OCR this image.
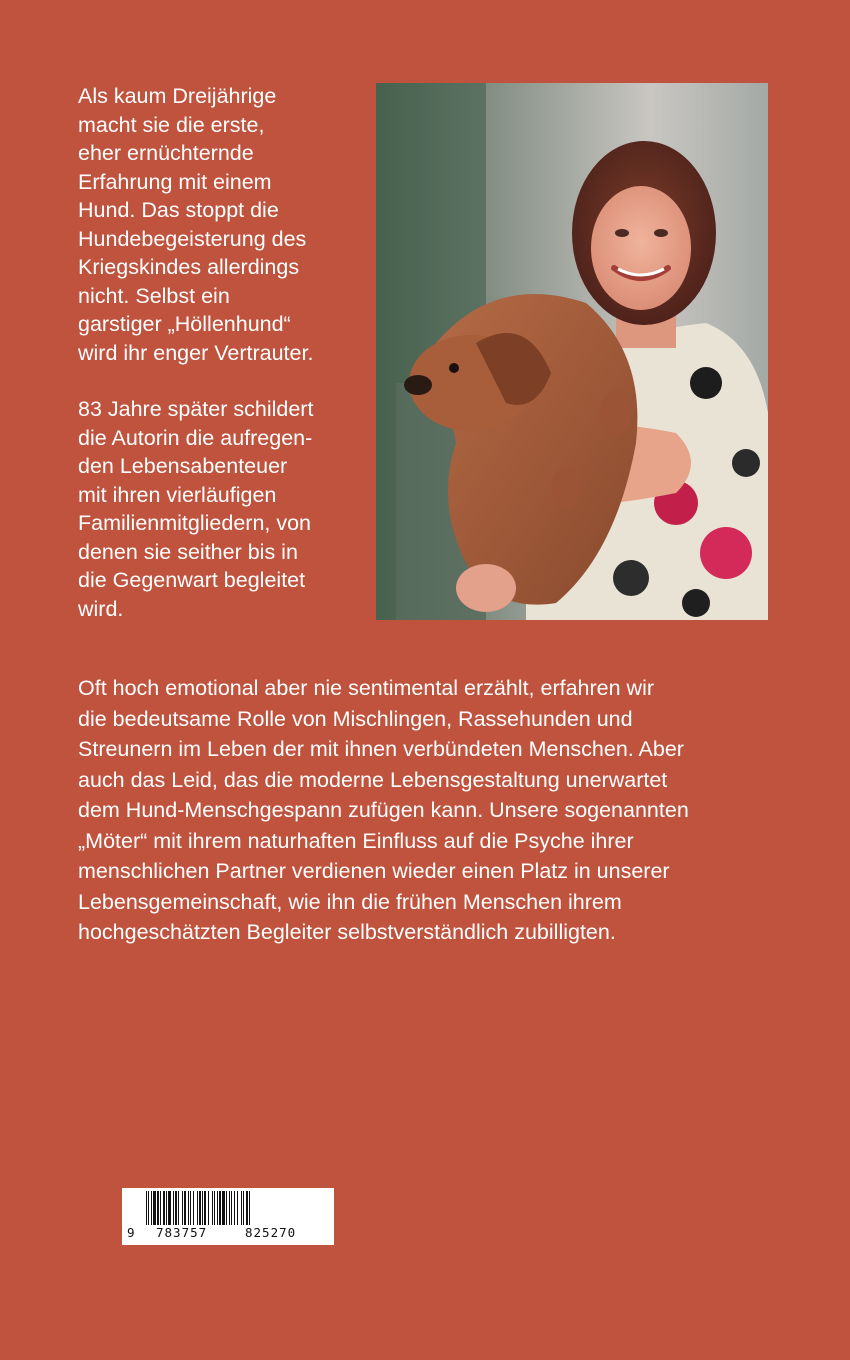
Als kaum Dreijährige
macht sie die erste,
eher ernüchternde
Erfahrung mit einem
Hund. Das stoppt die
Hundebegeisterung des
Kriegskindes allerdings
nicht. Selbst ein
garstiger „Höllenhund“
wird ihr enger Vertrauter.

83 Jahre später schildert
die Autorin die aufregen-
den Lebensabenteuer
mit ihren vierläufigen
Familienmitgliedern, von
denen sie seither bis in
die Gegenwart begleitet
wird.

Oft hoch emotional aber nie sentimental erzählt, erfahren wir
die bedeutsame Rolle von Mischlingen, Rassehunden und
Streunern im Leben der mit ihnen verbündeten Menschen. Aber
auch das Leid, das die moderne Lebensgestaltung unerwartet
dem Hund-Menschgespann zufügen kann. Unsere sogenannten
„Möter“ mit ihrem naturhaften Einfluss auf die Psyche ihrer
menschlichen Partner verdienen wieder einen Platz in unserer
Lebensgemeinschaft, wie ihn die frühen Menschen ihrem
hochgeschätzten Begleiter selbstverständlich zubilligten.

9 783757	825270
